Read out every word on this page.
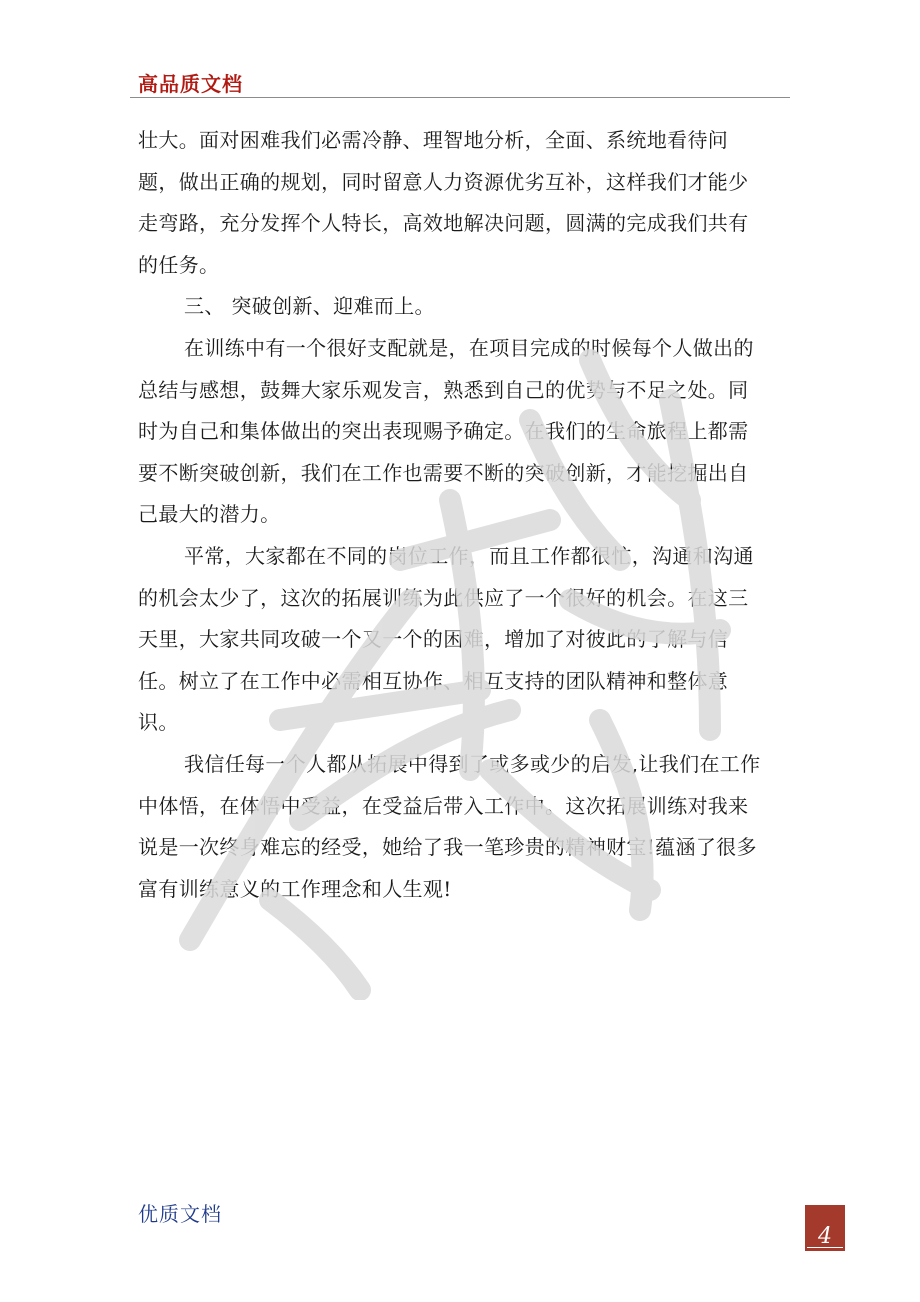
高品质文档

壮大。面对困难我们必需冷静、理智地分析，全面、系统地看待问题，做出正确的规划，同时留意人力资源优劣互补，这样我们才能少走弯路，充分发挥个人特长，高效地解决问题，圆满的完成我们共有的任务。

三、 突破创新、迎难而上。

在训练中有一个很好支配就是，在项目完成的时候每个人做出的总结与感想，鼓舞大家乐观发言，熟悉到自己的优势与不足之处。同时为自己和集体做出的突出表现赐予确定。在我们的生命旅程上都需要不断突破创新，我们在工作也需要不断的突破创新，才能挖掘出自己最大的潜力。

平常，大家都在不同的岗位工作，而且工作都很忙，沟通和沟通的机会太少了，这次的拓展训练为此供应了一个很好的机会。在这三天里，大家共同攻破一个又一个的困难，增加了对彼此的了解与信任。树立了在工作中必需相互协作、相互支持的团队精神和整体意识。

我信任每一个人都从拓展中得到了或多或少的启发,让我们在工作中体悟，在体悟中受益，在受益后带入工作中。这次拓展训练对我来说是一次终身难忘的经受，她给了我一笔珍贵的精神财宝!蕴涵了很多富有训练意义的工作理念和人生观!

优质文档
4
